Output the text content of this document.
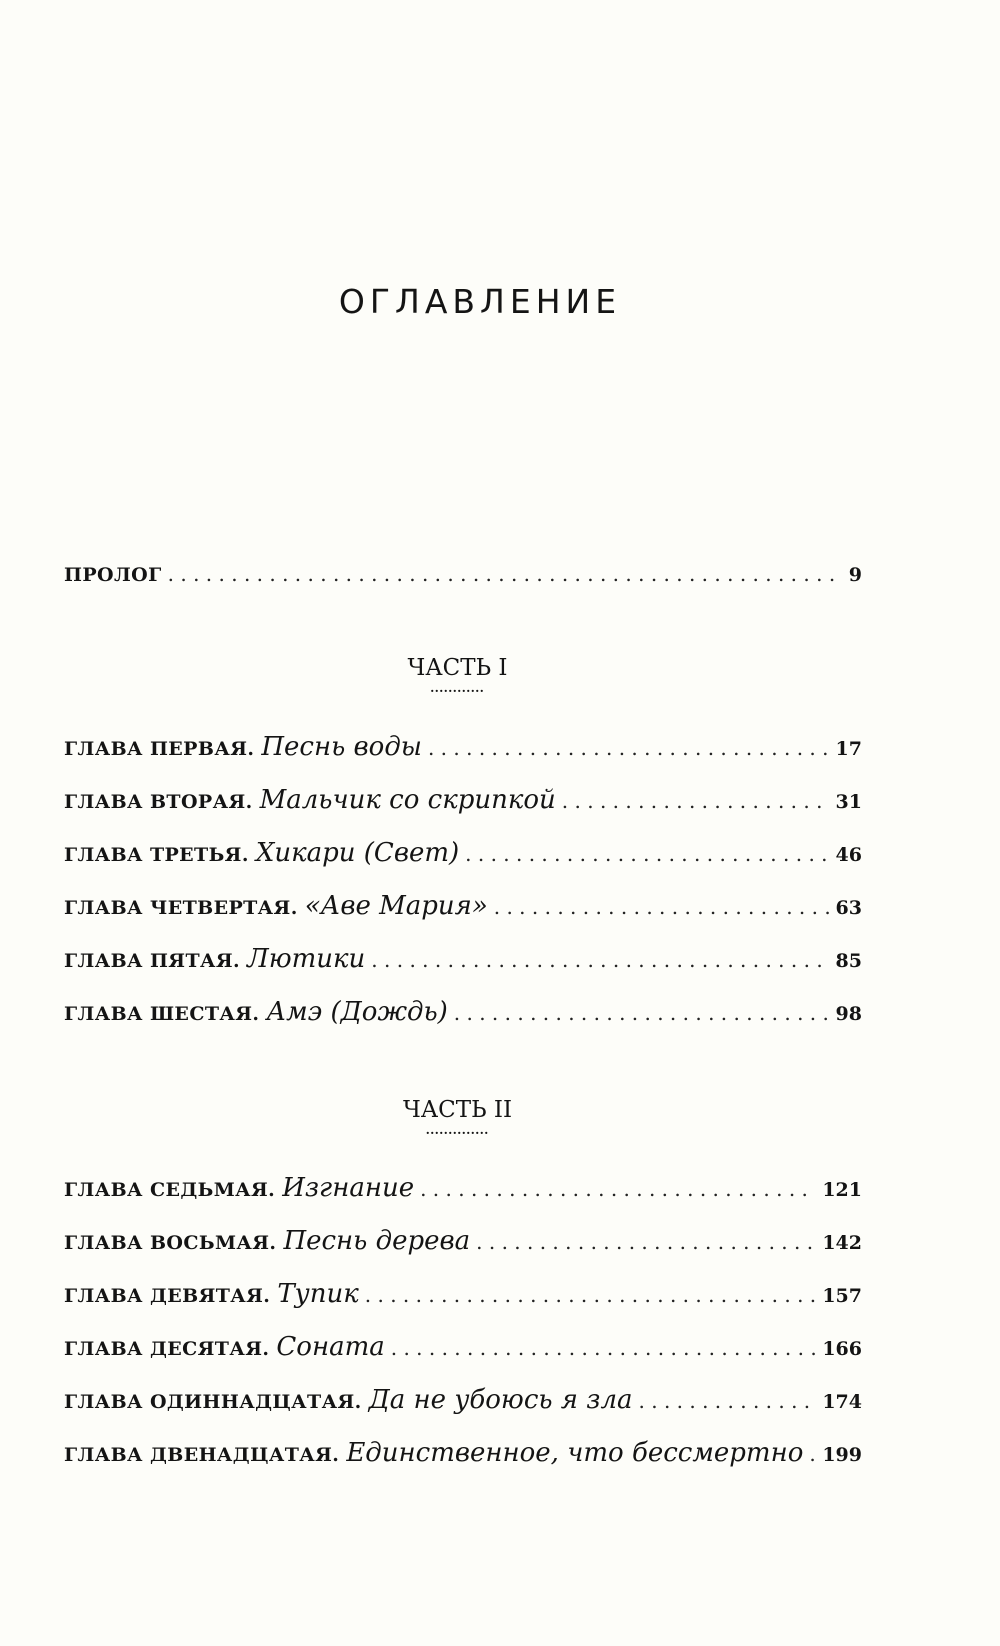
ОГЛАВЛЕНИЕ
ПРОЛОГ . . .	9
ЧАСТЬ I
............
ГЛАВА ПЕРВАЯ. Песнь воды . . .	17
ГЛАВА ВТОРАЯ. Мальчик со скрипкой . . .	31
ГЛАВА ТРЕТЬЯ. Хикари (Свет) . . .	46
ГЛАВА ЧЕТВЕРТАЯ. «Аве Мария» . . .	63
ГЛАВА ПЯТАЯ. Лютики . . .	85
ГЛАВА ШЕСТАЯ. Амэ (Дождь) . . .	98
ЧАСТЬ II
..............
ГЛАВА СЕДЬМАЯ. Изгнание . . .	121
ГЛАВА ВОСЬМАЯ. Песнь дерева . . .	142
ГЛАВА ДЕВЯТАЯ. Тупик . . .	157
ГЛАВА ДЕСЯТАЯ. Соната . . .	166
ГЛАВА ОДИННАДЦАТАЯ. Да не убоюсь я зла . . .	174
ГЛАВА ДВЕНАДЦАТАЯ. Единственное, что бессмертно . . . 199
